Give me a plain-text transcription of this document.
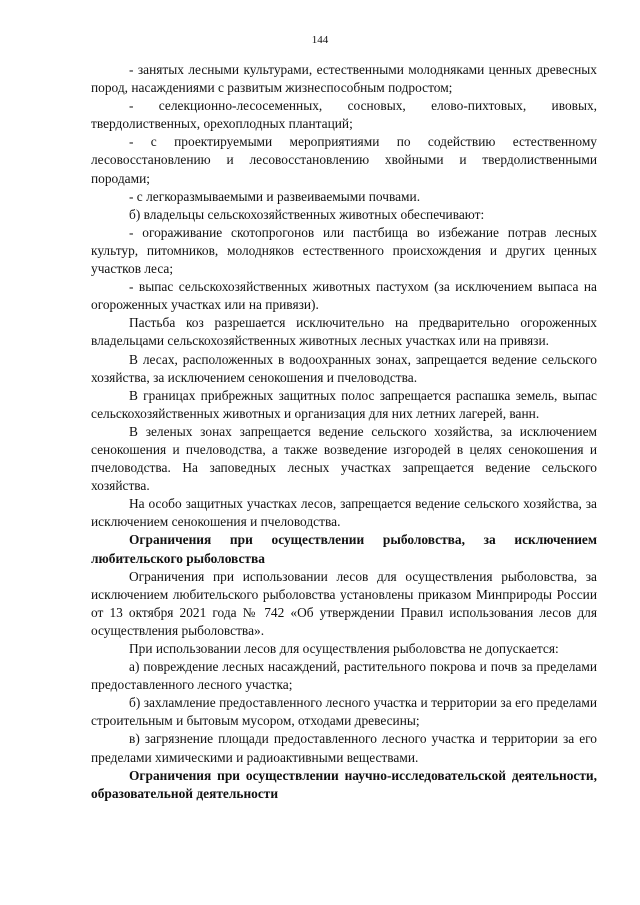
144

- занятых лесными культурами, естественными молодняками ценных древесных пород, насаждениями с развитым жизнеспособным подростом;

- селекционно-лесосеменных, сосновых, елово-пихтовых, ивовых, твердолиственных, орехоплодных плантаций;

- с проектируемыми мероприятиями по содействию естественному лесовосстановлению и лесовосстановлению хвойными и твердолиственными породами;

- с легкоразмываемыми и развеиваемыми почвами.

б) владельцы сельскохозяйственных животных обеспечивают:

- огораживание скотопрогонов или пастбища во избежание потрав лесных культур, питомников, молодняков естественного происхождения и других ценных участков леса;

- выпас сельскохозяйственных животных пастухом (за исключением выпаса на огороженных участках или на привязи).

Пастьба коз разрешается исключительно на предварительно огороженных владельцами сельскохозяйственных животных лесных участках или на привязи.

В лесах, расположенных в водоохранных зонах, запрещается ведение сельского хозяйства, за исключением сенокошения и пчеловодства.

В границах прибрежных защитных полос запрещается распашка земель, выпас сельскохозяйственных животных и организация для них летних лагерей, ванн.

В зеленых зонах запрещается ведение сельского хозяйства, за исключением сенокошения и пчеловодства, а также возведение изгородей в целях сенокошения и пчеловодства. На заповедных лесных участках запрещается ведение сельского хозяйства.

На особо защитных участках лесов, запрещается ведение сельского хозяйства, за исключением сенокошения и пчеловодства.

Ограничения при осуществлении рыболовства, за исключением любительского рыболовства

Ограничения при использовании лесов для осуществления рыболовства, за исключением любительского рыболовства установлены приказом Минприроды России от 13 октября 2021 года № 742 «Об утверждении Правил использования лесов для осуществления рыболовства».

При использовании лесов для осуществления рыболовства не допускается:

а) повреждение лесных насаждений, растительного покрова и почв за пределами предоставленного лесного участка;

б) захламление предоставленного лесного участка и территории за его пределами строительным и бытовым мусором, отходами древесины;

в) загрязнение площади предоставленного лесного участка и территории за его пределами химическими и радиоактивными веществами.

Ограничения при осуществлении научно-исследовательской деятельности, образовательной деятельности
